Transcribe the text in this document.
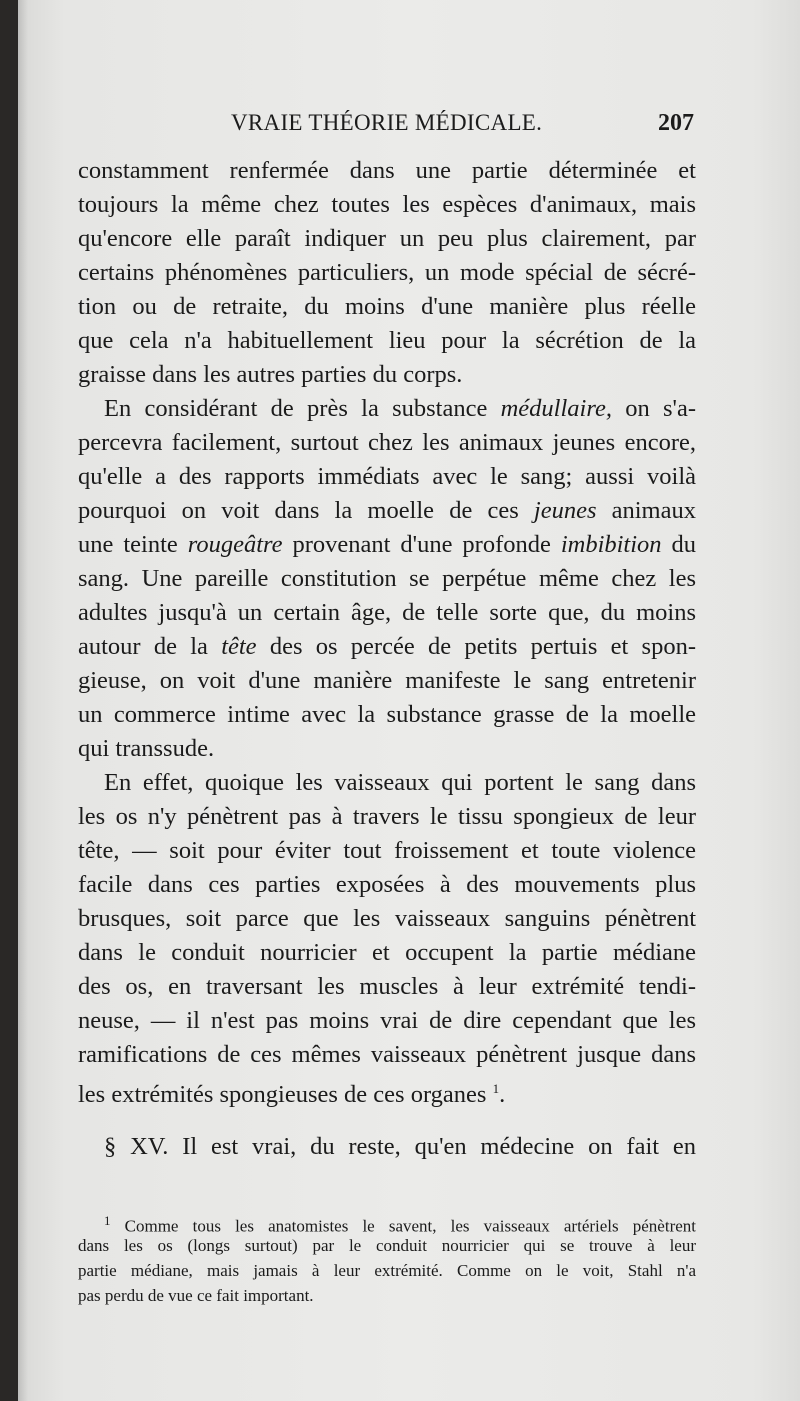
VRAIE THÉORIE MÉDICALE.	207
constamment renfermée dans une partie déterminée et
toujours la même chez toutes les espèces d'animaux, mais
qu'encore elle paraît indiquer un peu plus clairement, par
certains phénomènes particuliers, un mode spécial de sécré-
tion ou de retraite, du moins d'une manière plus réelle
que cela n'a habituellement lieu pour la sécrétion de la
graisse dans les autres parties du corps.
En considérant de près la substance médullaire, on s'a-
percevra facilement, surtout chez les animaux jeunes encore,
qu'elle a des rapports immédiats avec le sang; aussi voilà
pourquoi on voit dans la moelle de ces jeunes animaux
une teinte rougeâtre provenant d'une profonde imbibition du
sang. Une pareille constitution se perpétue même chez les
adultes jusqu'à un certain âge, de telle sorte que, du moins
autour de la tête des os percée de petits pertuis et spon-
gieuse, on voit d'une manière manifeste le sang entretenir
un commerce intime avec la substance grasse de la moelle
qui transsude.
En effet, quoique les vaisseaux qui portent le sang dans
les os n'y pénètrent pas à travers le tissu spongieux de leur
tête, — soit pour éviter tout froissement et toute violence
facile dans ces parties exposées à des mouvements plus
brusques, soit parce que les vaisseaux sanguins pénètrent
dans le conduit nourricier et occupent la partie médiane
des os, en traversant les muscles à leur extrémité tendi-
neuse, — il n'est pas moins vrai de dire cependant que les
ramifications de ces mêmes vaisseaux pénètrent jusque dans
les extrémités spongieuses de ces organes $^1$.
§ XV. Il est vrai, du reste, qu'en médecine on fait en
$^1$ Comme tous les anatomistes le savent, les vaisseaux artériels pénètrent
dans les os (longs surtout) par le conduit nourricier qui se trouve à leur
partie médiane, mais jamais à leur extrémité. Comme on le voit, Stahl n'a
pas perdu de vue ce fait important.
